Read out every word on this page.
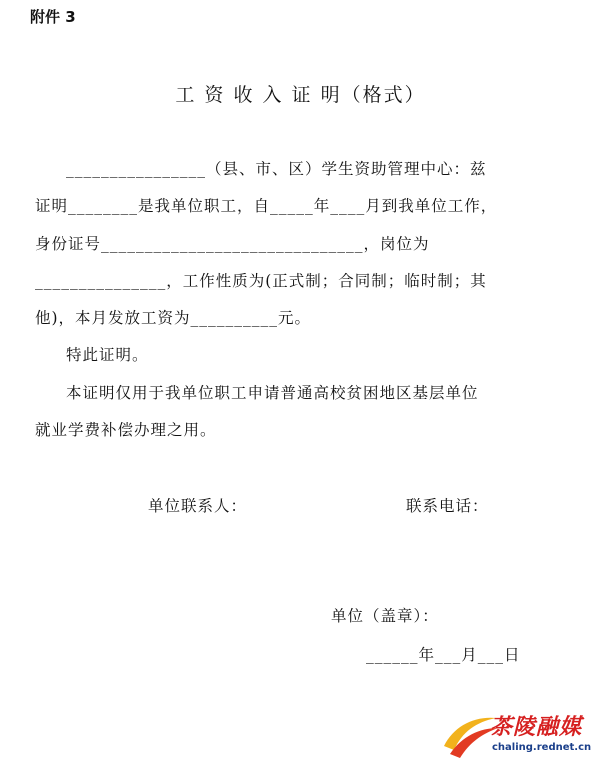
附件 3
工 资 收 入 证 明（格式）

________________（县、市、区）学生资助管理中心：兹

证明________是我单位职工，自_____年____月到我单位工作，

身份证号______________________________，岗位为

_______________，工作性质为(正式制；合同制；临时制；其

他)，本月发放工资为__________元。

特此证明。

本证明仅用于我单位职工申请普通高校贫困地区基层单位

就业学费补偿办理之用。

单位联系人：	联系电话：
单位（盖章）：
______年___月___日
茶陵融媒
chaling.rednet.cn
